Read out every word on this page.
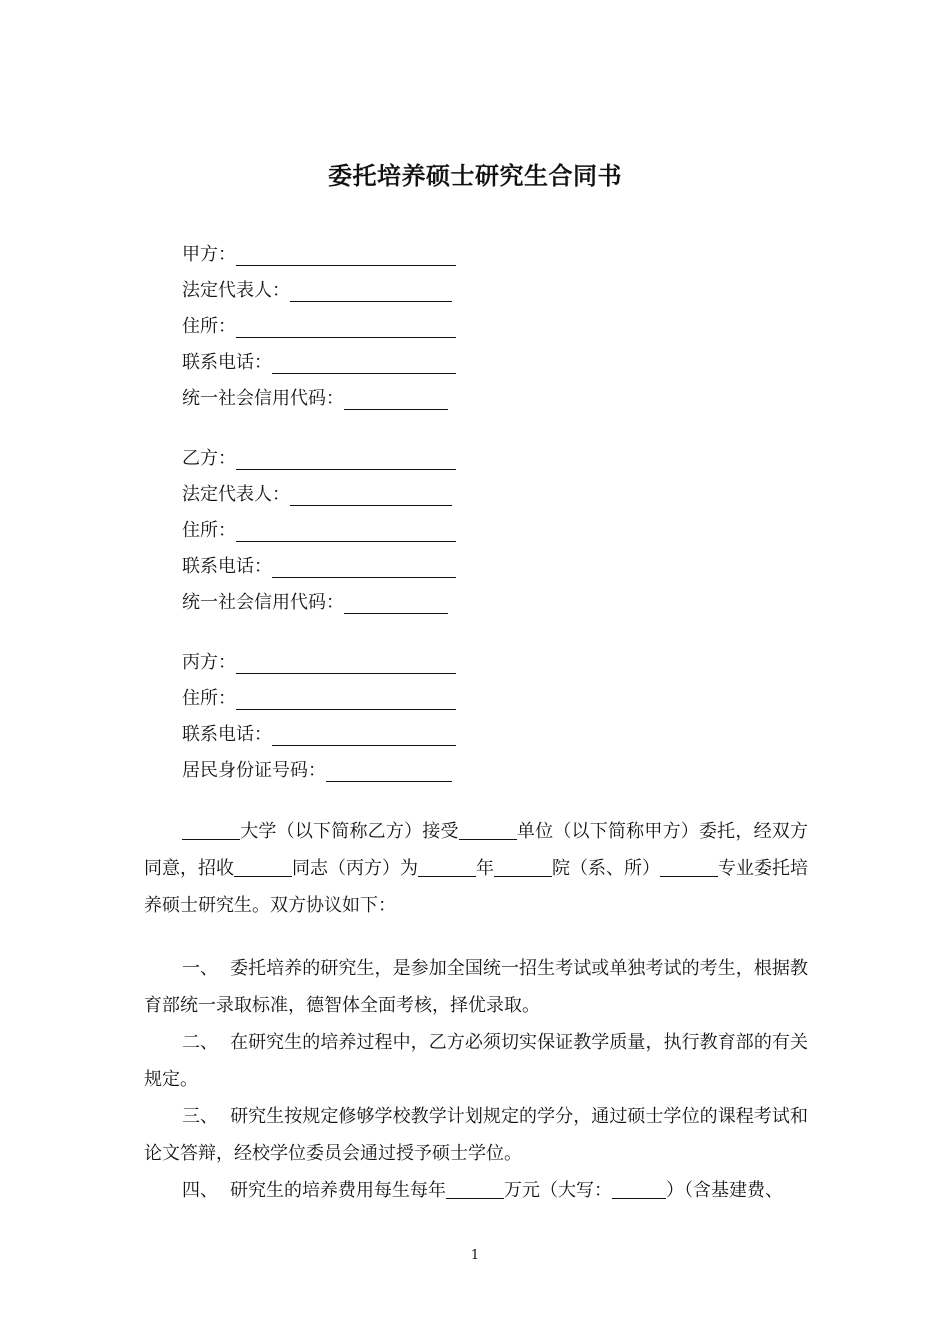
委托培养硕士研究生合同书
甲方：
法定代表人：
住所：
联系电话：
统一社会信用代码：
乙方：
法定代表人：
住所：
联系电话：
统一社会信用代码：
丙方：
住所：
联系电话：
居民身份证号码：
大学（以下简称乙方）接受	单位（以下简称甲方）委托，经双方同意，招收	同志（丙方）为	年	院（系、所）	专业委托培养硕士研究生。双方协议如下：
一、 委托培养的研究生，是参加全国统一招生考试或单独考试的考生，根据教育部统一录取标准，德智体全面考核，择优录取。
二、 在研究生的培养过程中，乙方必须切实保证教学质量，执行教育部的有关规定。
三、 研究生按规定修够学校教学计划规定的学分，通过硕士学位的课程考试和论文答辩，经校学位委员会通过授予硕士学位。
四、 研究生的培养费用每生每年	万元（大写：	）（含基建费、
1
